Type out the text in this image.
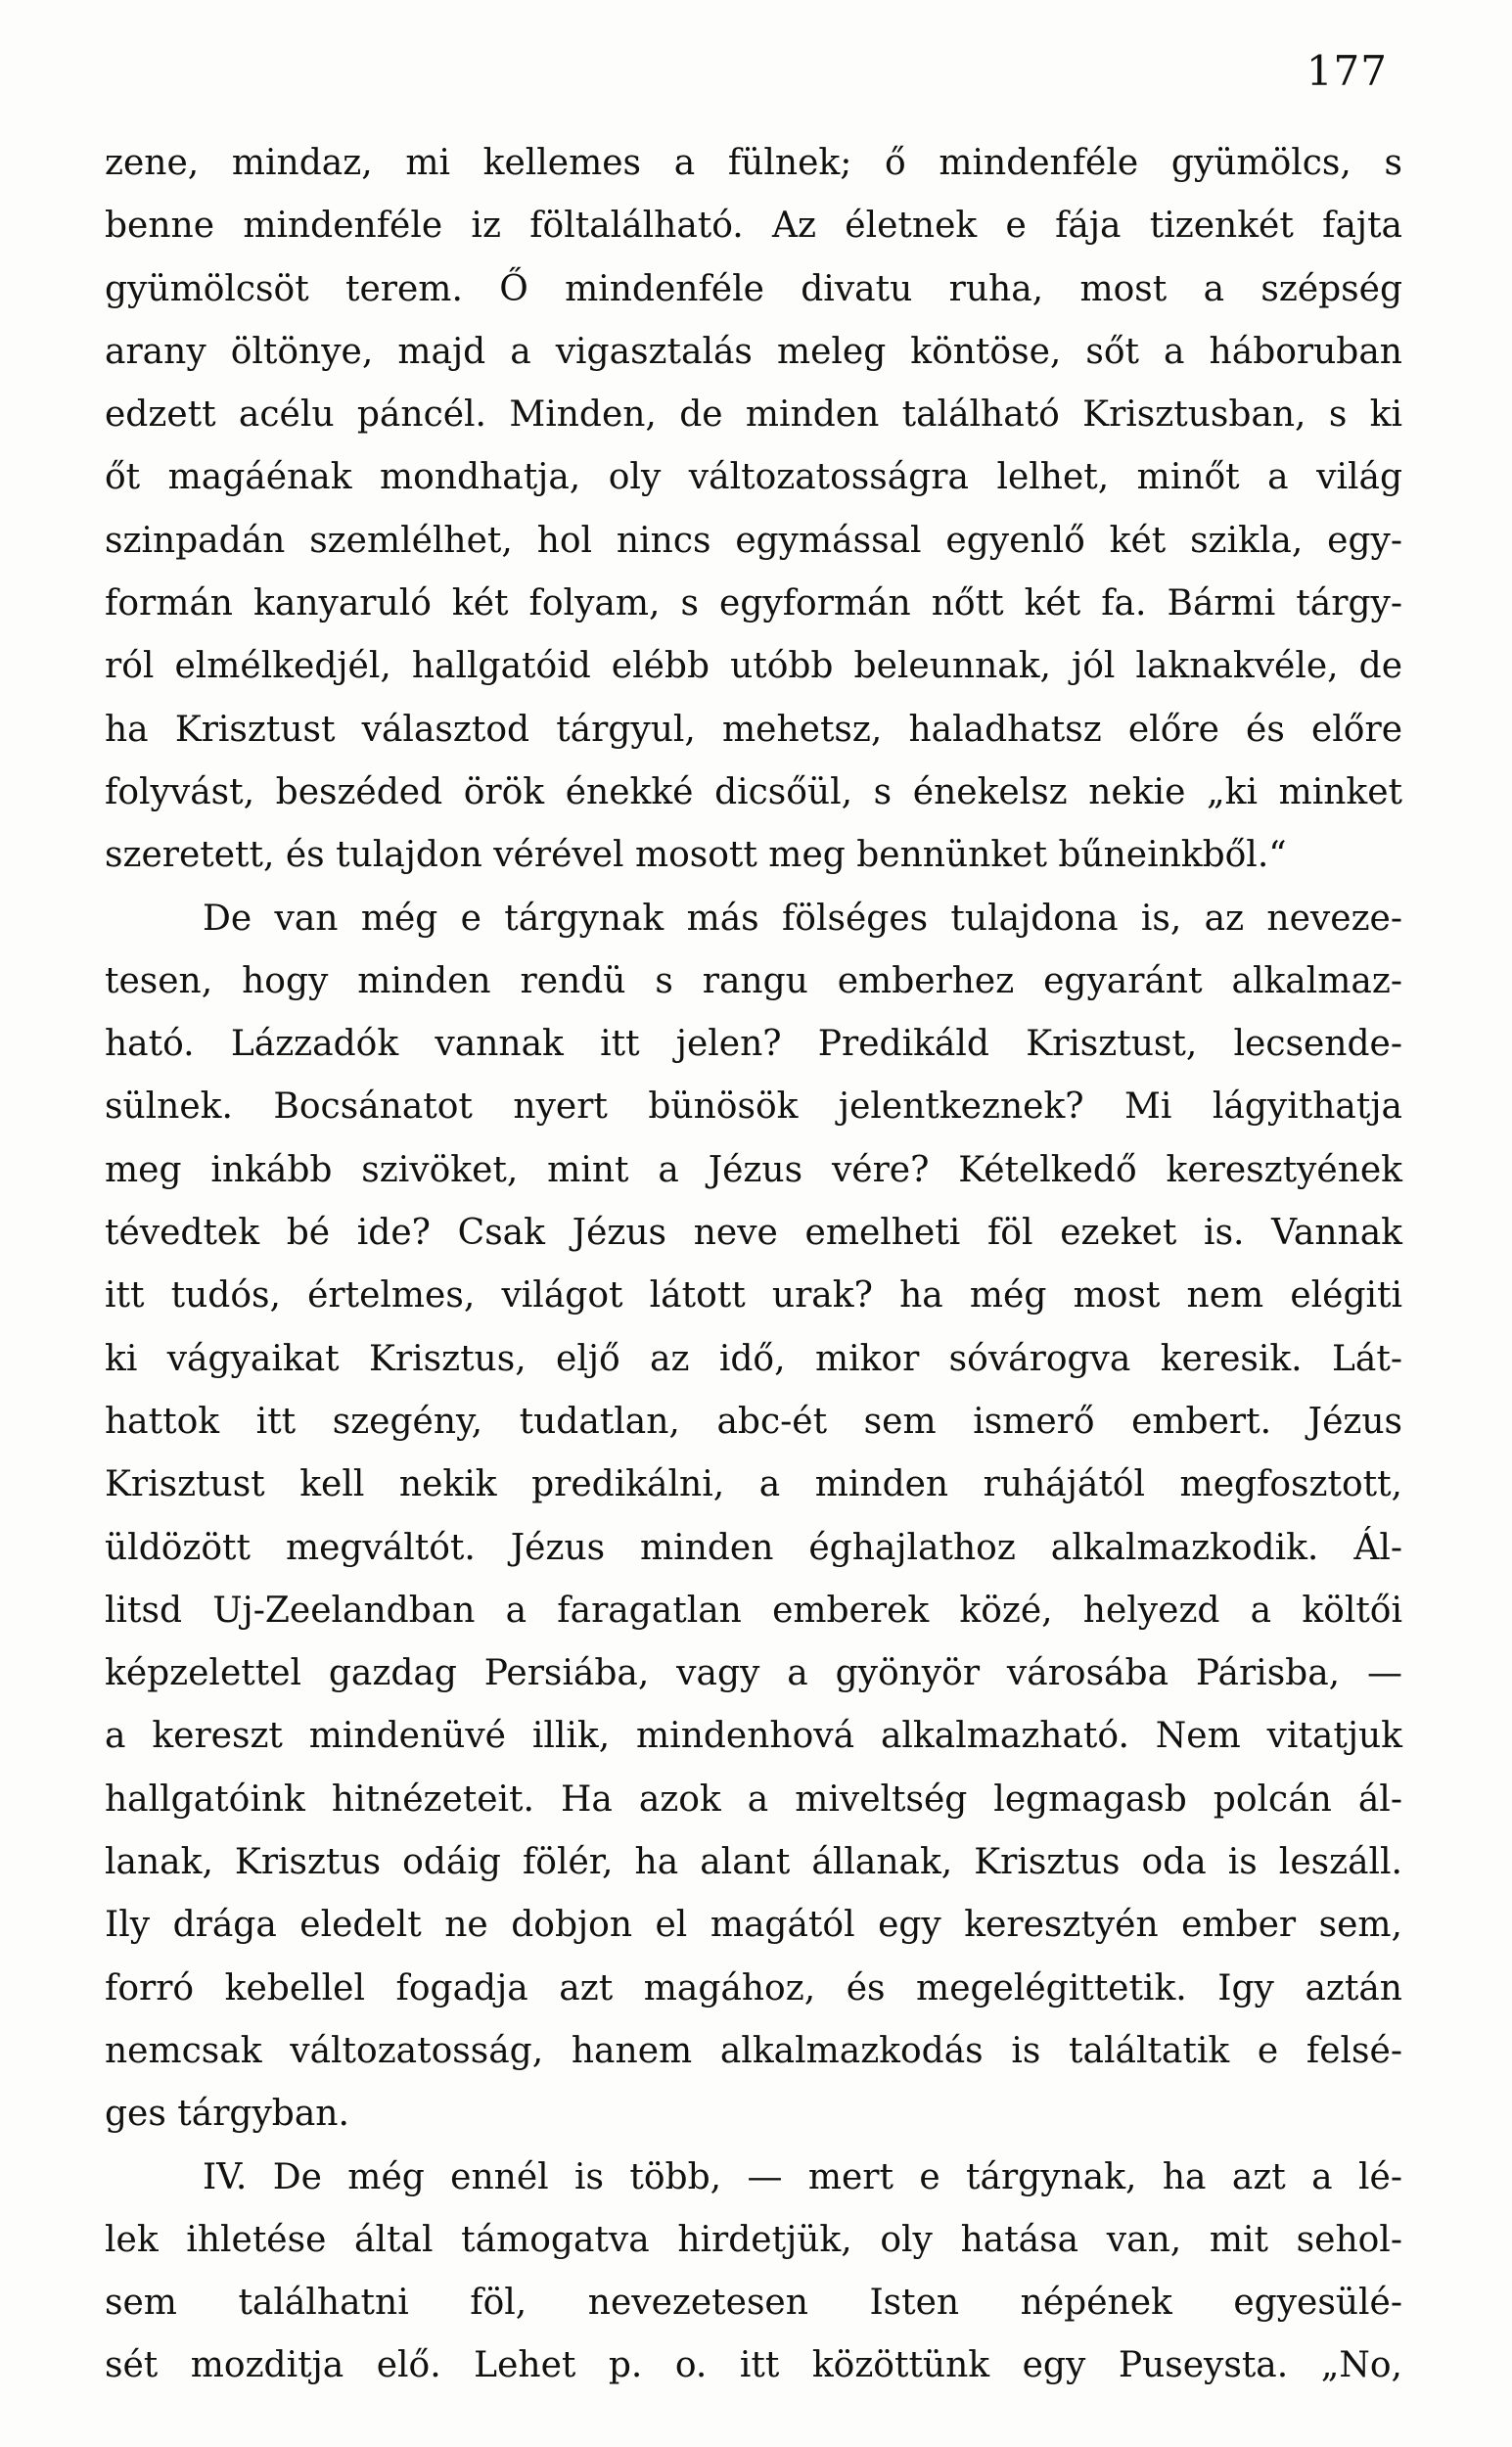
177
zene, mindaz, mi kellemes a fülnek; ő mindenféle gyümölcs, s
benne mindenféle iz föltalálható. Az életnek e fája tizenkét fajta
gyümölcsöt terem. Ő mindenféle divatu ruha, most a szépség
arany öltönye, majd a vigasztalás meleg köntöse, sőt a háboruban
edzett acélu páncél. Minden, de minden található Krisztusban, s ki
őt magáénak mondhatja, oly változatosságra lelhet, minőt a világ
szinpadán szemlélhet, hol nincs egymással egyenlő két szikla, egy-
formán kanyaruló két folyam, s egyformán nőtt két fa. Bármi tárgy-
ról elmélkedjél, hallgatóid elébb utóbb beleunnak, jól laknakvéle, de
ha Krisztust választod tárgyul, mehetsz, haladhatsz előre és előre
folyvást, beszéded örök énekké dicsőül, s énekelsz nekie „ki minket
szeretett, és tulajdon vérével mosott meg bennünket bűneinkből.“
De van még e tárgynak más fölséges tulajdona is, az neveze-
tesen, hogy minden rendü s rangu emberhez egyaránt alkalmaz-
ható. Lázzadók vannak itt jelen? Predikáld Krisztust, lecsende-
sülnek. Bocsánatot nyert bünösök jelentkeznek? Mi lágyithatja
meg inkább szivöket, mint a Jézus vére? Kételkedő keresztyének
tévedtek bé ide? Csak Jézus neve emelheti föl ezeket is. Vannak
itt tudós, értelmes, világot látott urak? ha még most nem elégiti
ki vágyaikat Krisztus, eljő az idő, mikor sóvárogva keresik. Lát-
hattok itt szegény, tudatlan, abc-ét sem ismerő embert. Jézus
Krisztust kell nekik predikálni, a minden ruhájától megfosztott,
üldözött megváltót. Jézus minden éghajlathoz alkalmazkodik. Ál-
litsd Uj-Zeelandban a faragatlan emberek közé, helyezd a költői
képzelettel gazdag Persiába, vagy a gyönyör városába Párisba, —
a kereszt mindenüvé illik, mindenhová alkalmazható. Nem vitatjuk
hallgatóink hitnézeteit. Ha azok a miveltség legmagasb polcán ál-
lanak, Krisztus odáig fölér, ha alant állanak, Krisztus oda is leszáll.
Ily drága eledelt ne dobjon el magától egy keresztyén ember sem,
forró kebellel fogadja azt magához, és megelégittetik. Igy aztán
nemcsak változatosság, hanem alkalmazkodás is találtatik e felsé-
ges tárgyban.
IV. De még ennél is több, — mert e tárgynak, ha azt a lé-
lek ihletése által támogatva hirdetjük, oly hatása van, mit sehol-
sem találhatni föl, nevezetesen Isten népének egyesülé-
sét mozditja elő. Lehet p. o. itt közöttünk egy Puseysta. „No,
